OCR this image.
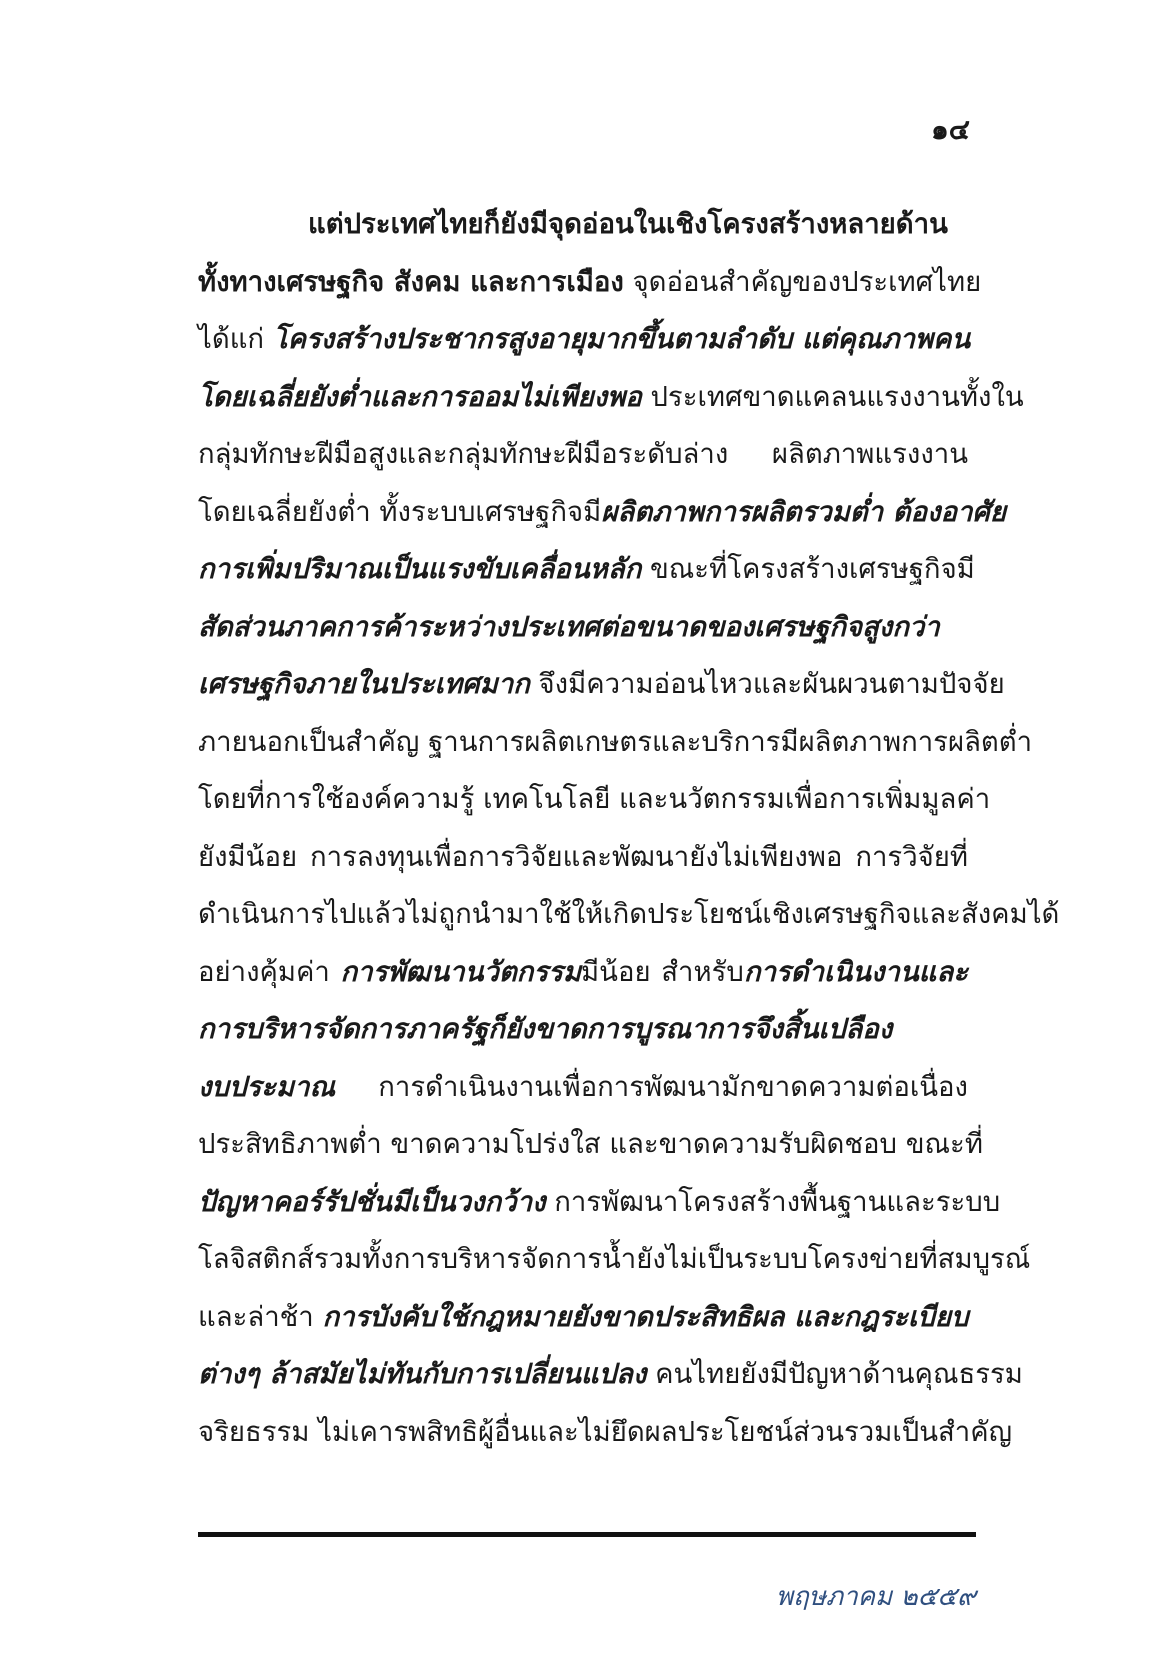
๑๔
แต่ประเทศไทยก็ยังมีจุดอ่อนในเชิงโครงสร้างหลายด้าน
ทั้งทางเศรษฐกิจ สังคม และการเมือง จุดอ่อนสำคัญของประเทศไทย
ได้แก่ โครงสร้างประชากรสูงอายุมากขึ้นตามลำดับ แต่คุณภาพคน
โดยเฉลี่ยยังต่ำและการออมไม่เพียงพอ ประเทศขาดแคลนแรงงานทั้งใน
กลุ่มทักษะฝีมือสูงและกลุ่มทักษะฝีมือระดับล่าง ผลิตภาพแรงงาน
โดยเฉลี่ยยังต่ำ ทั้งระบบเศรษฐกิจมีผลิตภาพการผลิตรวมต่ำ ต้องอาศัย
การเพิ่มปริมาณเป็นแรงขับเคลื่อนหลัก ขณะที่โครงสร้างเศรษฐกิจมี
สัดส่วนภาคการค้าระหว่างประเทศต่อขนาดของเศรษฐกิจสูงกว่า
เศรษฐกิจภายในประเทศมาก จึงมีความอ่อนไหวและผันผวนตามปัจจัย
ภายนอกเป็นสำคัญ ฐานการผลิตเกษตรและบริการมีผลิตภาพการผลิตต่ำ
โดยที่การใช้องค์ความรู้ เทคโนโลยี และนวัตกรรมเพื่อการเพิ่มมูลค่า
ยังมีน้อย การลงทุนเพื่อการวิจัยและพัฒนายังไม่เพียงพอ การวิจัยที่
ดำเนินการไปแล้วไม่ถูกนำมาใช้ให้เกิดประโยชน์เชิงเศรษฐกิจและสังคมได้
อย่างคุ้มค่า การพัฒนานวัตกรรมมีน้อย สำหรับการดำเนินงานและ
การบริหารจัดการภาครัฐก็ยังขาดการบูรณาการจึงสิ้นเปลือง
งบประมาณ การดำเนินงานเพื่อการพัฒนามักขาดความต่อเนื่อง
ประสิทธิภาพต่ำ ขาดความโปร่งใส และขาดความรับผิดชอบ ขณะที่
ปัญหาคอร์รัปชั่นมีเป็นวงกว้าง การพัฒนาโครงสร้างพื้นฐานและระบบ
โลจิสติกส์รวมทั้งการบริหารจัดการน้ำยังไม่เป็นระบบโครงข่ายที่สมบูรณ์
และล่าช้า การบังคับใช้กฎหมายยังขาดประสิทธิผล และกฎระเบียบ
ต่างๆ ล้าสมัยไม่ทันกับการเปลี่ยนแปลง คนไทยยังมีปัญหาด้านคุณธรรม
จริยธรรม ไม่เคารพสิทธิผู้อื่นและไม่ยึดผลประโยชน์ส่วนรวมเป็นสำคัญ
พฤษภาคม ๒๕๕๙
